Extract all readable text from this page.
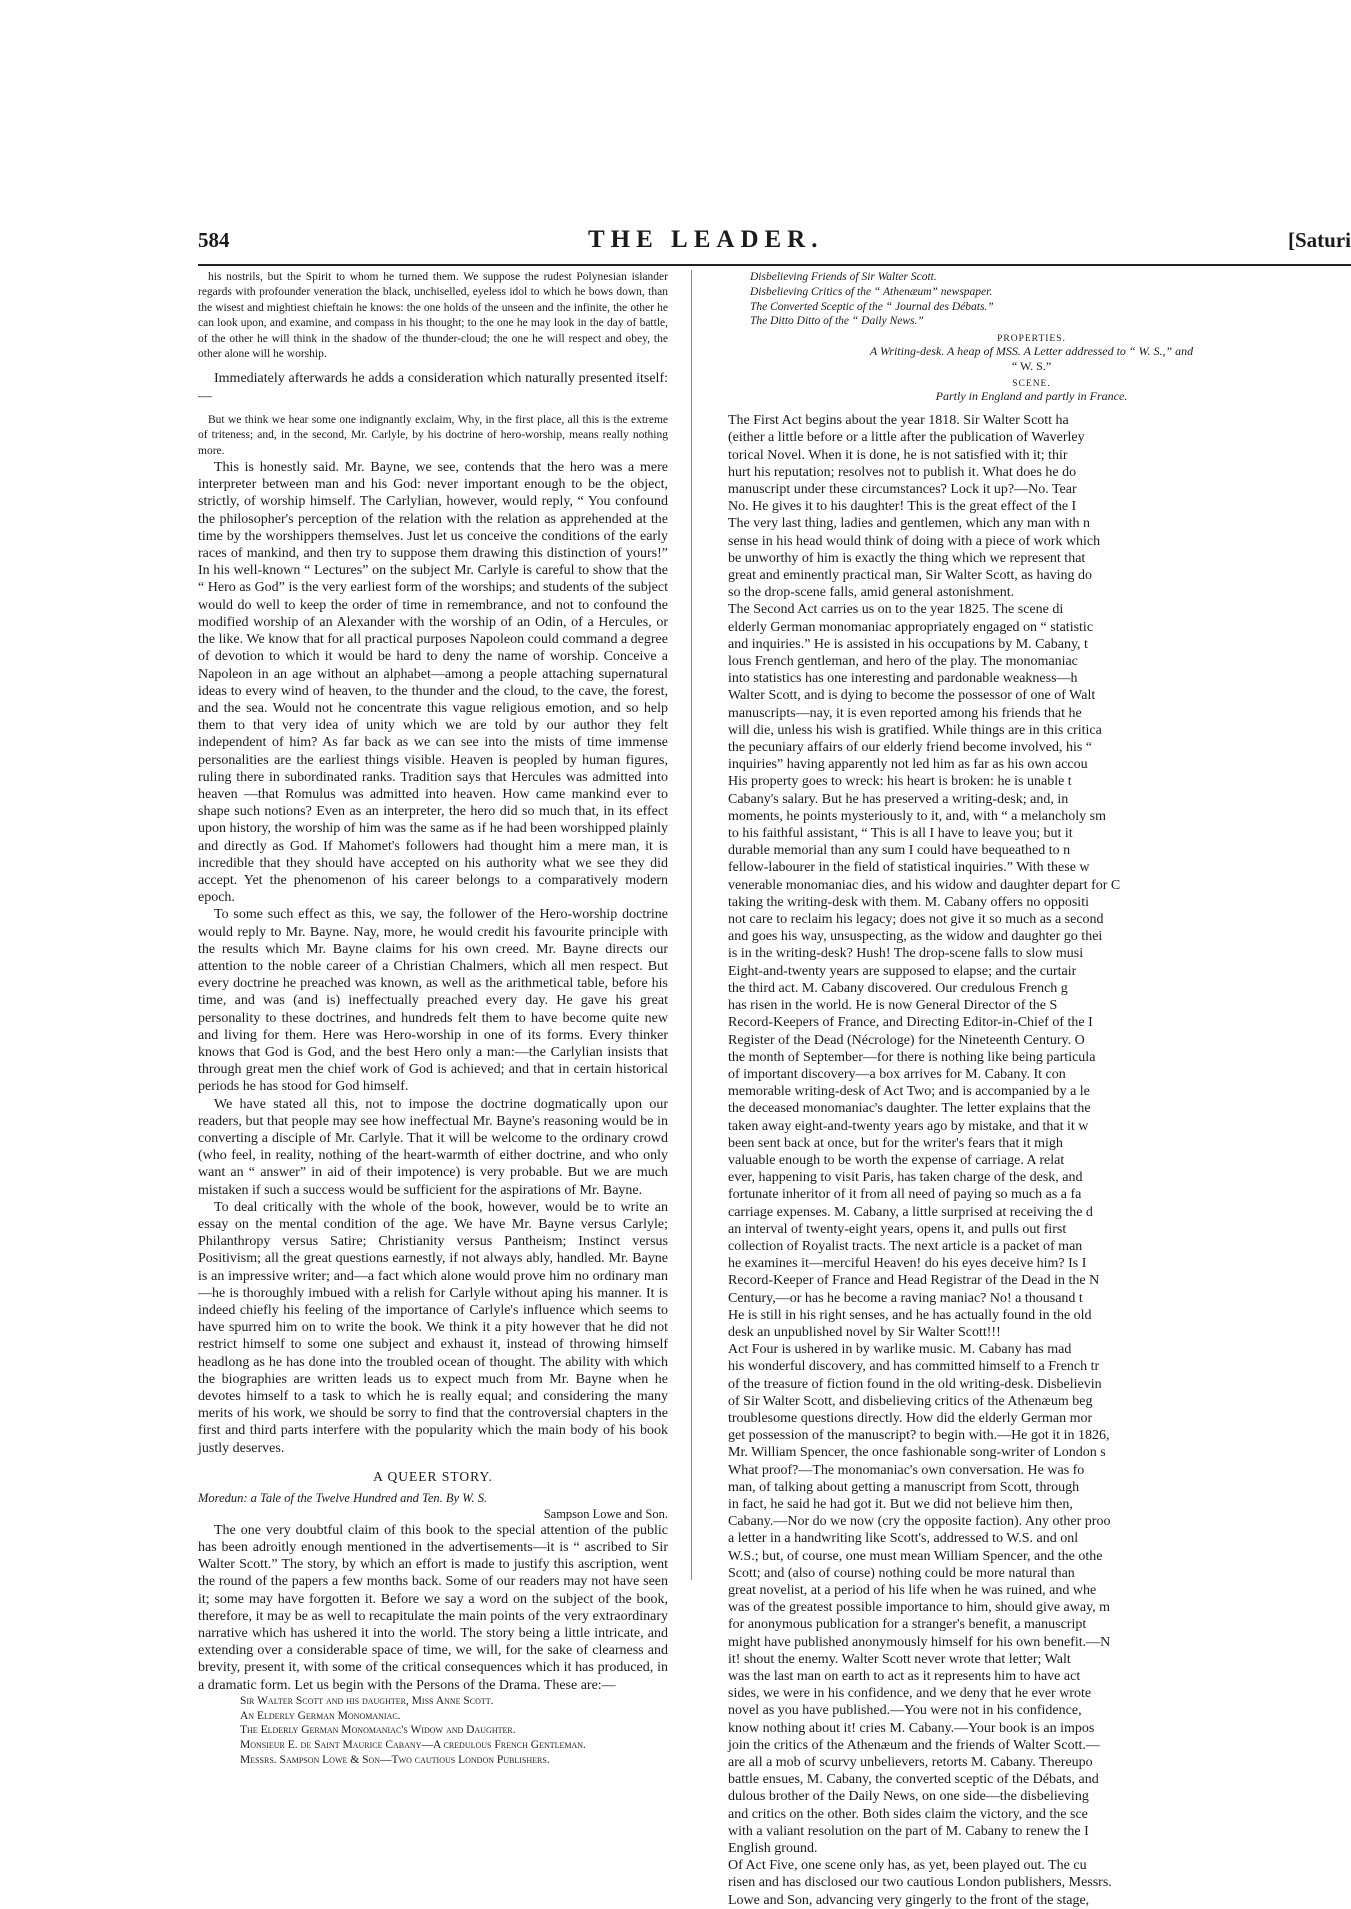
584	THE LEADER.	[Saturi

his nostrils, but the Spirit to whom he turned them. We suppose the rudest Polynesian islander regards with profounder veneration the black, unchiselled, eyeless idol to which he bows down, than the wisest and mightiest chieftain he knows: the one holds of the unseen and the infinite, the other he can look upon, and examine, and compass in his thought; to the one he may look in the day of battle, of the other he will think in the shadow of the thunder-cloud; the one he will respect and obey, the other alone will he worship.

Immediately afterwards he adds a consideration which naturally presented itself:—

But we think we hear some one indignantly exclaim, Why, in the first place, all this is the extreme of triteness; and, in the second, Mr. Carlyle, by his doctrine of hero-worship, means really nothing more.

This is honestly said. Mr. Bayne, we see, contends that the hero was a mere interpreter between man and his God: never important enough to be the object, strictly, of worship himself. The Carlylian, however, would reply, “ You confound the philosopher's perception of the relation with the relation as apprehended at the time by the worshippers themselves. Just let us conceive the conditions of the early races of mankind, and then try to suppose them drawing this distinction of yours!” In his well-known “ Lectures” on the subject Mr. Carlyle is careful to show that the “ Hero as God” is the very earliest form of the worships; and students of the subject would do well to keep the order of time in remembrance, and not to confound the modified worship of an Alexander with the worship of an Odin, of a Hercules, or the like. We know that for all practical purposes Napoleon could command a degree of devotion to which it would be hard to deny the name of worship. Conceive a Napoleon in an age without an alphabet—among a people attaching supernatural ideas to every wind of heaven, to the thunder and the cloud, to the cave, the forest, and the sea. Would not he concentrate this vague religious emotion, and so help them to that very idea of unity which we are told by our author they felt independent of him? As far back as we can see into the mists of time immense personalities are the earliest things visible. Heaven is peopled by human figures, ruling there in subordinated ranks. Tradition says that Hercules was admitted into heaven —that Romulus was admitted into heaven. How came mankind ever to shape such notions? Even as an interpreter, the hero did so much that, in its effect upon history, the worship of him was the same as if he had been worshipped plainly and directly as God. If Mahomet's followers had thought him a mere man, it is incredible that they should have accepted on his authority what we see they did accept. Yet the phenomenon of his career belongs to a comparatively modern epoch.

To some such effect as this, we say, the follower of the Hero-worship doctrine would reply to Mr. Bayne. Nay, more, he would credit his favourite principle with the results which Mr. Bayne claims for his own creed. Mr. Bayne directs our attention to the noble career of a Christian Chalmers, which all men respect. But every doctrine he preached was known, as well as the arithmetical table, before his time, and was (and is) ineffectually preached every day. He gave his great personality to these doctrines, and hundreds felt them to have become quite new and living for them. Here was Hero-worship in one of its forms. Every thinker knows that God is God, and the best Hero only a man:—the Carlylian insists that through great men the chief work of God is achieved; and that in certain historical periods he has stood for God himself.

We have stated all this, not to impose the doctrine dogmatically upon our readers, but that people may see how ineffectual Mr. Bayne's reasoning would be in converting a disciple of Mr. Carlyle. That it will be welcome to the ordinary crowd (who feel, in reality, nothing of the heart-warmth of either doctrine, and who only want an “ answer” in aid of their impotence) is very probable. But we are much mistaken if such a success would be sufficient for the aspirations of Mr. Bayne.

To deal critically with the whole of the book, however, would be to write an essay on the mental condition of the age. We have Mr. Bayne versus Carlyle; Philanthropy versus Satire; Christianity versus Pantheism; Instinct versus Positivism; all the great questions earnestly, if not always ably, handled. Mr. Bayne is an impressive writer; and—a fact which alone would prove him no ordinary man—he is thoroughly imbued with a relish for Carlyle without aping his manner. It is indeed chiefly his feeling of the importance of Carlyle's influence which seems to have spurred him on to write the book. We think it a pity however that he did not restrict himself to some one subject and exhaust it, instead of throwing himself headlong as he has done into the troubled ocean of thought. The ability with which the biographies are written leads us to expect much from Mr. Bayne when he devotes himself to a task to which he is really equal; and considering the many merits of his work, we should be sorry to find that the controversial chapters in the first and third parts interfere with the popularity which the main body of his book justly deserves.

A QUEER STORY.

Moredun: a Tale of the Twelve Hundred and Ten. By W. S.

Sampson Lowe and Son.

The one very doubtful claim of this book to the special attention of the public has been adroitly enough mentioned in the advertisements—it is “ ascribed to Sir Walter Scott.” The story, by which an effort is made to justify this ascription, went the round of the papers a few months back. Some of our readers may not have seen it; some may have forgotten it. Before we say a word on the subject of the book, therefore, it may be as well to recapitulate the main points of the very extraordinary narrative which has ushered it into the world. The story being a little intricate, and extending over a considerable space of time, we will, for the sake of clearness and brevity, present it, with some of the critical consequences which it has produced, in a dramatic form. Let us begin with the Persons of the Drama. These are:—

Sir Walter Scott and his daughter, Miss Anne Scott.
An Elderly German Monomaniac.
The Elderly German Monomaniac's Widow and Daughter.
Monsieur E. de Saint Maurice Cabany—A credulous French Gentleman.
Messrs. Sampson Lowe & Son—Two cautious London Publishers.
Disbelieving Friends of Sir Walter Scott.
Disbelieving Critics of the “ Athenæum” newspaper.
The Converted Sceptic of the “ Journal des Débats.”
The Ditto Ditto of the “ Daily News.”
PROPERTIES.
A Writing-desk. A heap of MSS. A Letter addressed to “ W. S.,” and
“ W. S.”
SCENE.
Partly in England and partly in France.

The First Act begins about the year 1818. Sir Walter Scott ha

(either a little before or a little after the publication of Waverley

torical Novel. When it is done, he is not satisfied with it; thir

hurt his reputation; resolves not to publish it. What does he do

manuscript under these circumstances? Lock it up?—No. Tear

No. He gives it to his daughter! This is the great effect of the I

The very last thing, ladies and gentlemen, which any man with n

sense in his head would think of doing with a piece of work which

be unworthy of him is exactly the thing which we represent that

great and eminently practical man, Sir Walter Scott, as having do

so the drop-scene falls, amid general astonishment.

The Second Act carries us on to the year 1825. The scene di

elderly German monomaniac appropriately engaged on “ statistic

and inquiries.” He is assisted in his occupations by M. Cabany, t

lous French gentleman, and hero of the play. The monomaniac

into statistics has one interesting and pardonable weakness—h

Walter Scott, and is dying to become the possessor of one of Walt

manuscripts—nay, it is even reported among his friends that he

will die, unless his wish is gratified. While things are in this critica

the pecuniary affairs of our elderly friend become involved, his “

inquiries” having apparently not led him as far as his own accou

His property goes to wreck: his heart is broken: he is unable t

Cabany's salary. But he has preserved a writing-desk; and, in

moments, he points mysteriously to it, and, with “ a melancholy sm

to his faithful assistant, “ This is all I have to leave you; but it

durable memorial than any sum I could have bequeathed to n

fellow-labourer in the field of statistical inquiries.” With these w

venerable monomaniac dies, and his widow and daughter depart for C

taking the writing-desk with them. M. Cabany offers no oppositi

not care to reclaim his legacy; does not give it so much as a second

and goes his way, unsuspecting, as the widow and daughter go thei

is in the writing-desk? Hush! The drop-scene falls to slow musi

Eight-and-twenty years are supposed to elapse; and the curtair

the third act. M. Cabany discovered. Our credulous French g

has risen in the world. He is now General Director of the S

Record-Keepers of France, and Directing Editor-in-Chief of the I

Register of the Dead (Nécrologe) for the Nineteenth Century. O

the month of September—for there is nothing like being particula

of important discovery—a box arrives for M. Cabany. It con

memorable writing-desk of Act Two; and is accompanied by a le

the deceased monomaniac's daughter. The letter explains that the

taken away eight-and-twenty years ago by mistake, and that it w

been sent back at once, but for the writer's fears that it migh

valuable enough to be worth the expense of carriage. A relat

ever, happening to visit Paris, has taken charge of the desk, and

fortunate inheritor of it from all need of paying so much as a fa

carriage expenses. M. Cabany, a little surprised at receiving the d

an interval of twenty-eight years, opens it, and pulls out first

collection of Royalist tracts. The next article is a packet of man

he examines it—merciful Heaven! do his eyes deceive him? Is I

Record-Keeper of France and Head Registrar of the Dead in the N

Century,—or has he become a raving maniac? No! a thousand t

He is still in his right senses, and he has actually found in the old

desk an unpublished novel by Sir Walter Scott!!!

Act Four is ushered in by warlike music. M. Cabany has mad

his wonderful discovery, and has committed himself to a French tr

of the treasure of fiction found in the old writing-desk. Disbelievin

of Sir Walter Scott, and disbelieving critics of the Athenæum beg

troublesome questions directly. How did the elderly German mor

get possession of the manuscript? to begin with.—He got it in 1826,

Mr. William Spencer, the once fashionable song-writer of London s

What proof?—The monomaniac's own conversation. He was fo

man, of talking about getting a manuscript from Scott, through

in fact, he said he had got it. But we did not believe him then,

Cabany.—Nor do we now (cry the opposite faction). Any other proo

a letter in a handwriting like Scott's, addressed to W.S. and onl

W.S.; but, of course, one must mean William Spencer, and the othe

Scott; and (also of course) nothing could be more natural than

great novelist, at a period of his life when he was ruined, and whe

was of the greatest possible importance to him, should give away, m

for anonymous publication for a stranger's benefit, a manuscript

might have published anonymously himself for his own benefit.—N

it! shout the enemy. Walter Scott never wrote that letter; Walt

was the last man on earth to act as it represents him to have act

sides, we were in his confidence, and we deny that he ever wrote

novel as you have published.—You were not in his confidence,

know nothing about it! cries M. Cabany.—Your book is an impos

join the critics of the Athenæum and the friends of Walter Scott.—

are all a mob of scurvy unbelievers, retorts M. Cabany. Thereupo

battle ensues, M. Cabany, the converted sceptic of the Débats, and

dulous brother of the Daily News, on one side—the disbelieving

and critics on the other. Both sides claim the victory, and the sce

with a valiant resolution on the part of M. Cabany to renew the I

English ground.

Of Act Five, one scene only has, as yet, been played out. The cu

risen and has disclosed our two cautious London publishers, Messrs.

Lowe and Son, advancing very gingerly to the front of the stage,
